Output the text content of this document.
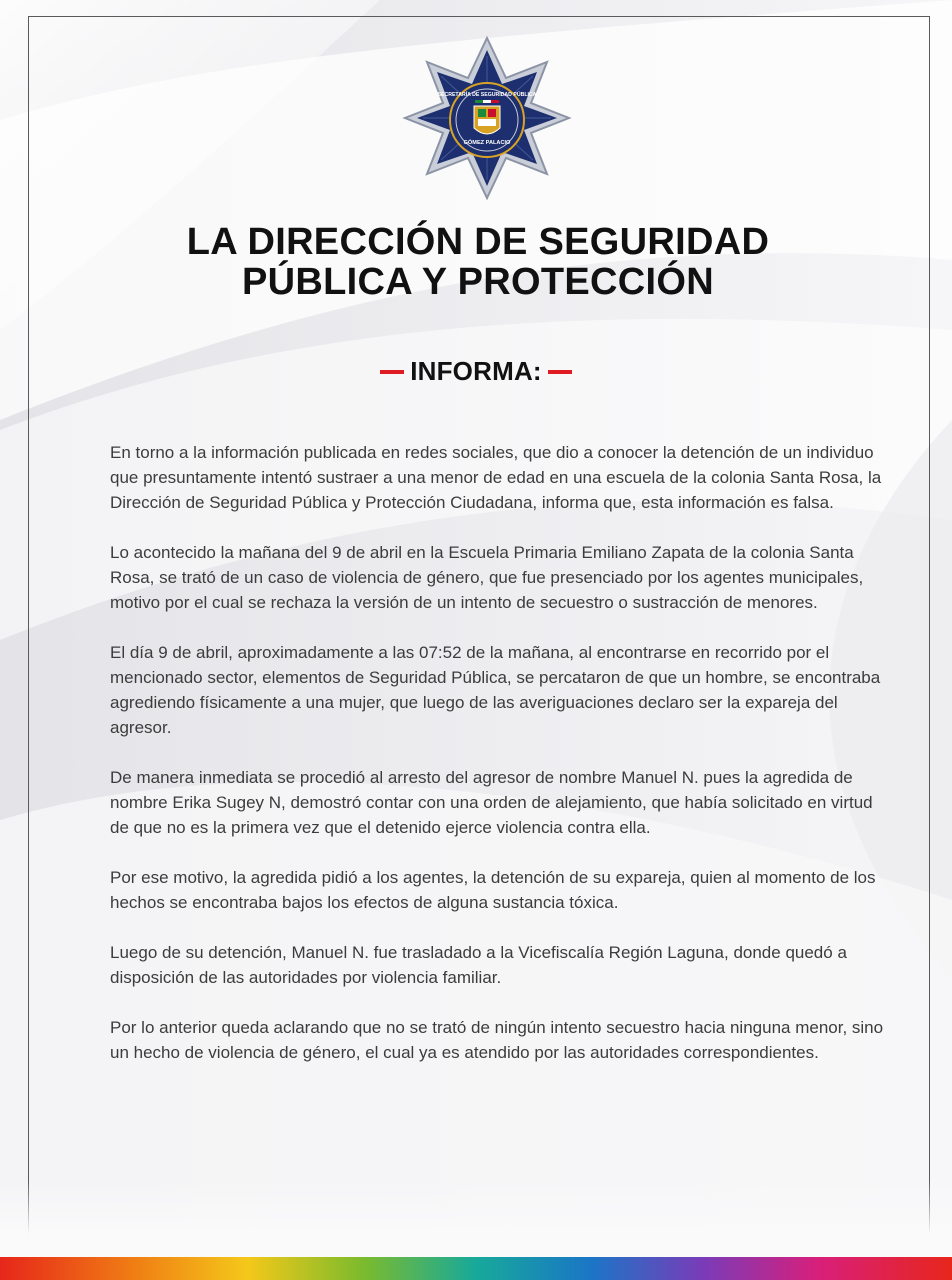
SECRETARÍA DE SEGURIDAD PÚBLICA
GÓMEZ PALACIO
LA DIRECCIÓN DE SEGURIDAD
PÚBLICA Y PROTECCIÓN
INFORMA:

En torno a la información publicada en redes sociales, que dio a conocer la detención de un individuo que presuntamente intentó sustraer a una menor de edad en una escuela de la colonia Santa Rosa, la Dirección de Seguridad Pública y Protección Ciudadana, informa que, esta información es falsa.

Lo acontecido la mañana del 9 de abril en la Escuela Primaria Emiliano Zapata de la colonia Santa Rosa, se trató de un caso de violencia de género, que fue presenciado por los agentes municipales, motivo por el cual se rechaza la versión de un intento de secuestro o sustracción de menores.

El día 9 de abril, aproximadamente a las 07:52 de la mañana, al encontrarse en recorrido por el mencionado sector, elementos de Seguridad Pública, se percataron de que un hombre, se encontraba agrediendo físicamente a una mujer, que luego de las averiguaciones declaro ser la expareja del agresor.

De manera inmediata se procedió al arresto del agresor de nombre Manuel N. pues la agredida de nombre Erika Sugey N, demostró contar con una orden de alejamiento, que había solicitado en virtud de que no es la primera vez que el detenido ejerce violencia contra ella.

Por ese motivo, la agredida pidió a los agentes, la detención de su expareja, quien al momento de los hechos se encontraba bajos los efectos de alguna sustancia tóxica.

Luego de su detención, Manuel N. fue trasladado a la Vicefiscalía Región Laguna, donde quedó a disposición de las autoridades por violencia familiar.

Por lo anterior queda aclarando que no se trató de ningún intento secuestro hacia ninguna menor, sino un hecho de violencia de género, el cual ya es atendido por las autoridades correspondientes.
